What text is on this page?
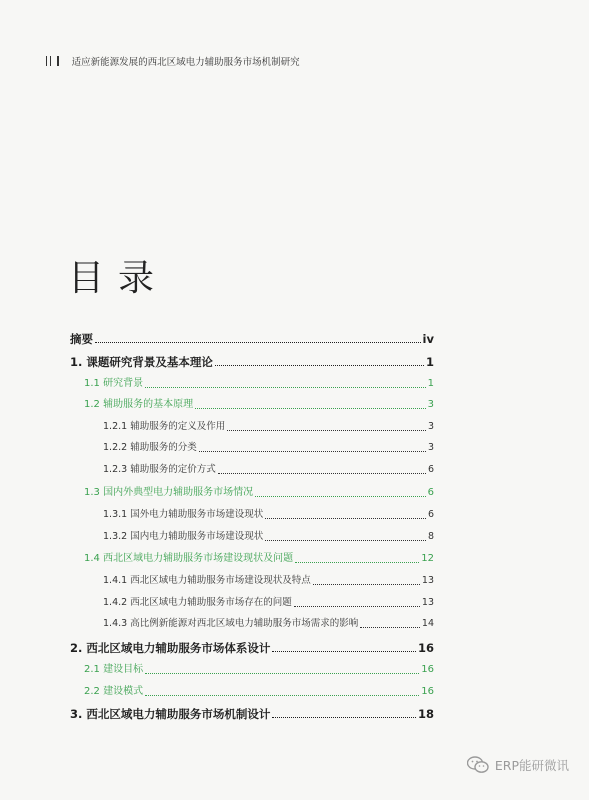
适应新能源发展的西北区域电力辅助服务市场机制研究
目录
摘要	iv
1. 课题研究背景及基本理论	1
1.1 研究背景	1
1.2 辅助服务的基本原理	3
1.2.1 辅助服务的定义及作用	3
1.2.2 辅助服务的分类	3
1.2.3 辅助服务的定价方式	6
1.3 国内外典型电力辅助服务市场情况	6
1.3.1 国外电力辅助服务市场建设现状	6
1.3.2 国内电力辅助服务市场建设现状	8
1.4 西北区域电力辅助服务市场建设现状及问题	12
1.4.1 西北区域电力辅助服务市场建设现状及特点	13
1.4.2 西北区域电力辅助服务市场存在的问题	13
1.4.3 高比例新能源对西北区域电力辅助服务市场需求的影响	14
2. 西北区域电力辅助服务市场体系设计	16
2.1 建设目标	16
2.2 建设模式	16
3. 西北区域电力辅助服务市场机制设计	18
ERP能研微讯
